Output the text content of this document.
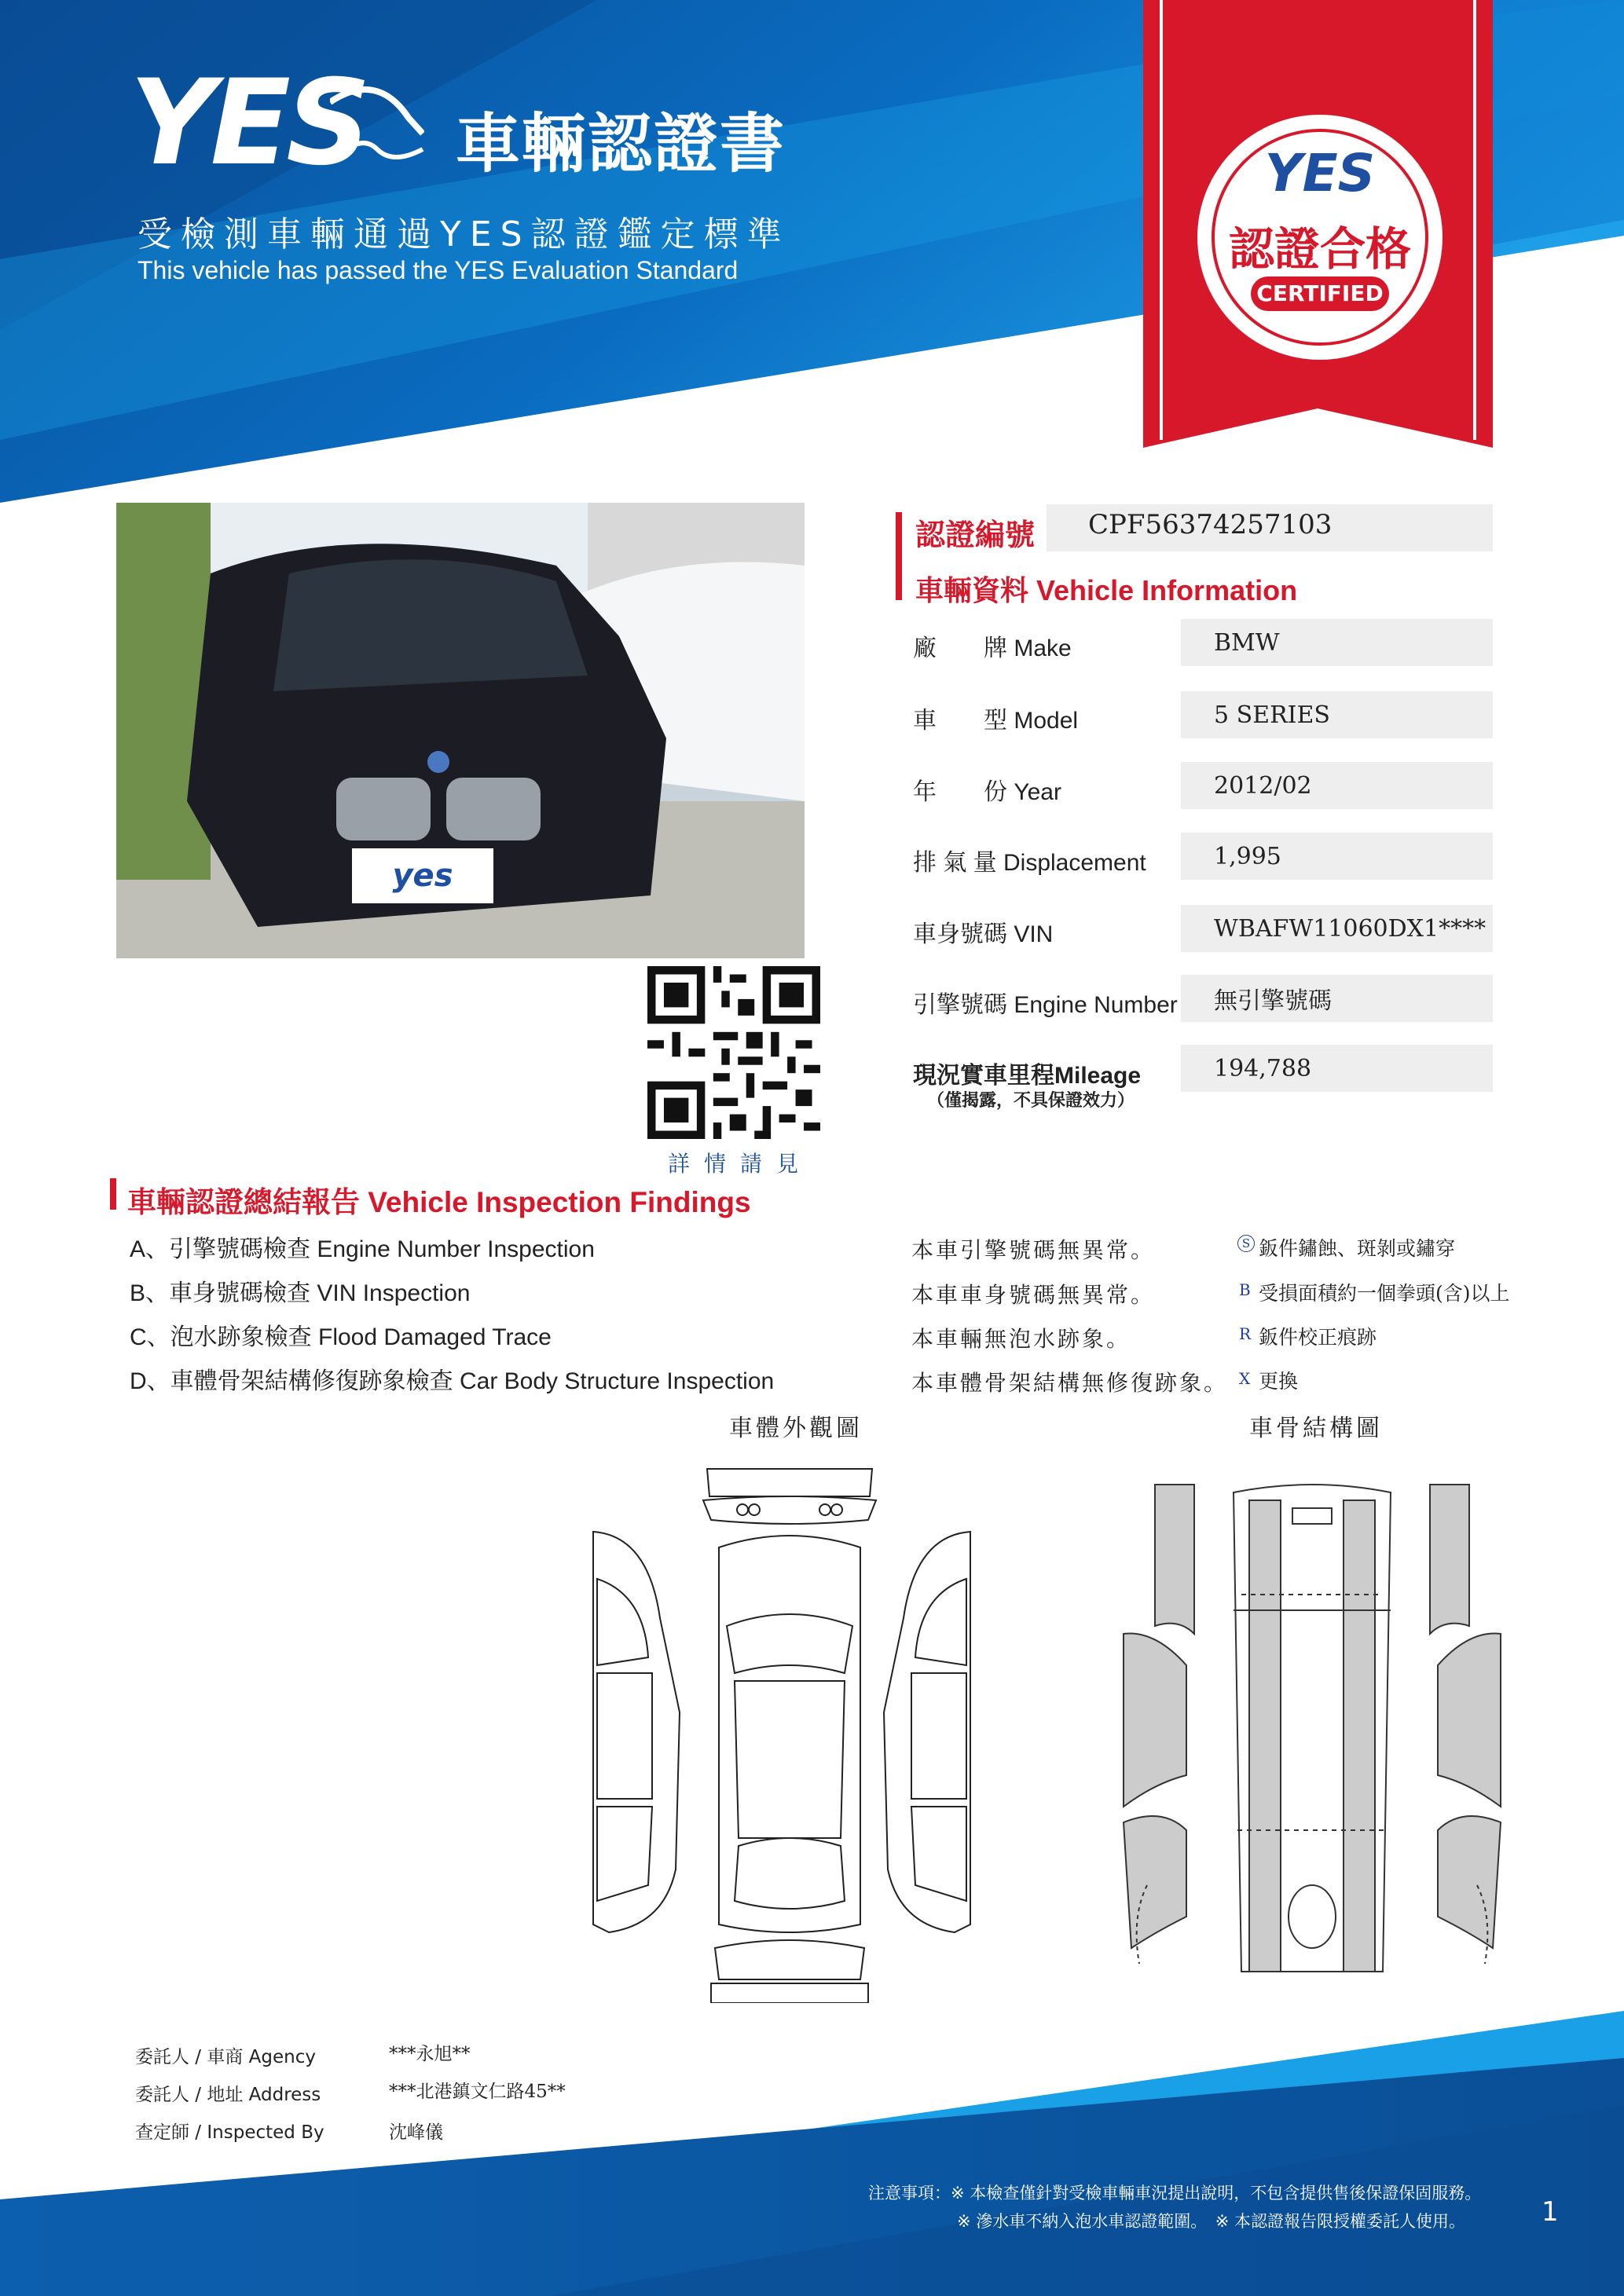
YES 車輛認證書
受檢測車輛通過YES認證鑑定標準
This vehicle has passed the YES Evaluation Standard
YES
認證合格
CERTIFIED
yes
詳情請見
認證編號 CPF56374257103
車輛資料 Vehicle Information
廠　　牌 Make	BMW
車　　型 Model	5 SERIES
年　　份 Year	2012/02
排 氣 量 Displacement	1,995
車身號碼 VIN	WBAFW11060DX1****
引擎號碼 Engine Number	無引擎號碼
現況實車里程Mileage
（僅揭露，不具保證效力）
194,788
車輛認證總結報告 Vehicle Inspection Findings
A、引擎號碼檢查 Engine Number Inspection	本車引擎號碼無異常。
B、車身號碼檢查 VIN Inspection	本車車身號碼無異常。
C、泡水跡象檢查 Flood Damaged Trace	本車輛無泡水跡象。
D、車體骨架結構修復跡象檢查 Car Body Structure Inspection	本車體骨架結構無修復跡象。
S 鈑件鏽蝕、斑剝或鏽穿
B 受損面積約一個拳頭(含)以上
R 鈑件校正痕跡
X 更換
車體外觀圖	車骨結構圖
委託人 / 車商 Agency	***永旭**
委託人 / 地址 Address	***北港鎮文仁路45**
查定師 / Inspected By	沈峰儀
注意事項：※ 本檢查僅針對受檢車輛車況提出說明，不包含提供售後保證保固服務。
※ 滲水車不納入泡水車認證範圍。　※ 本認證報告限授權委託人使用。	1
